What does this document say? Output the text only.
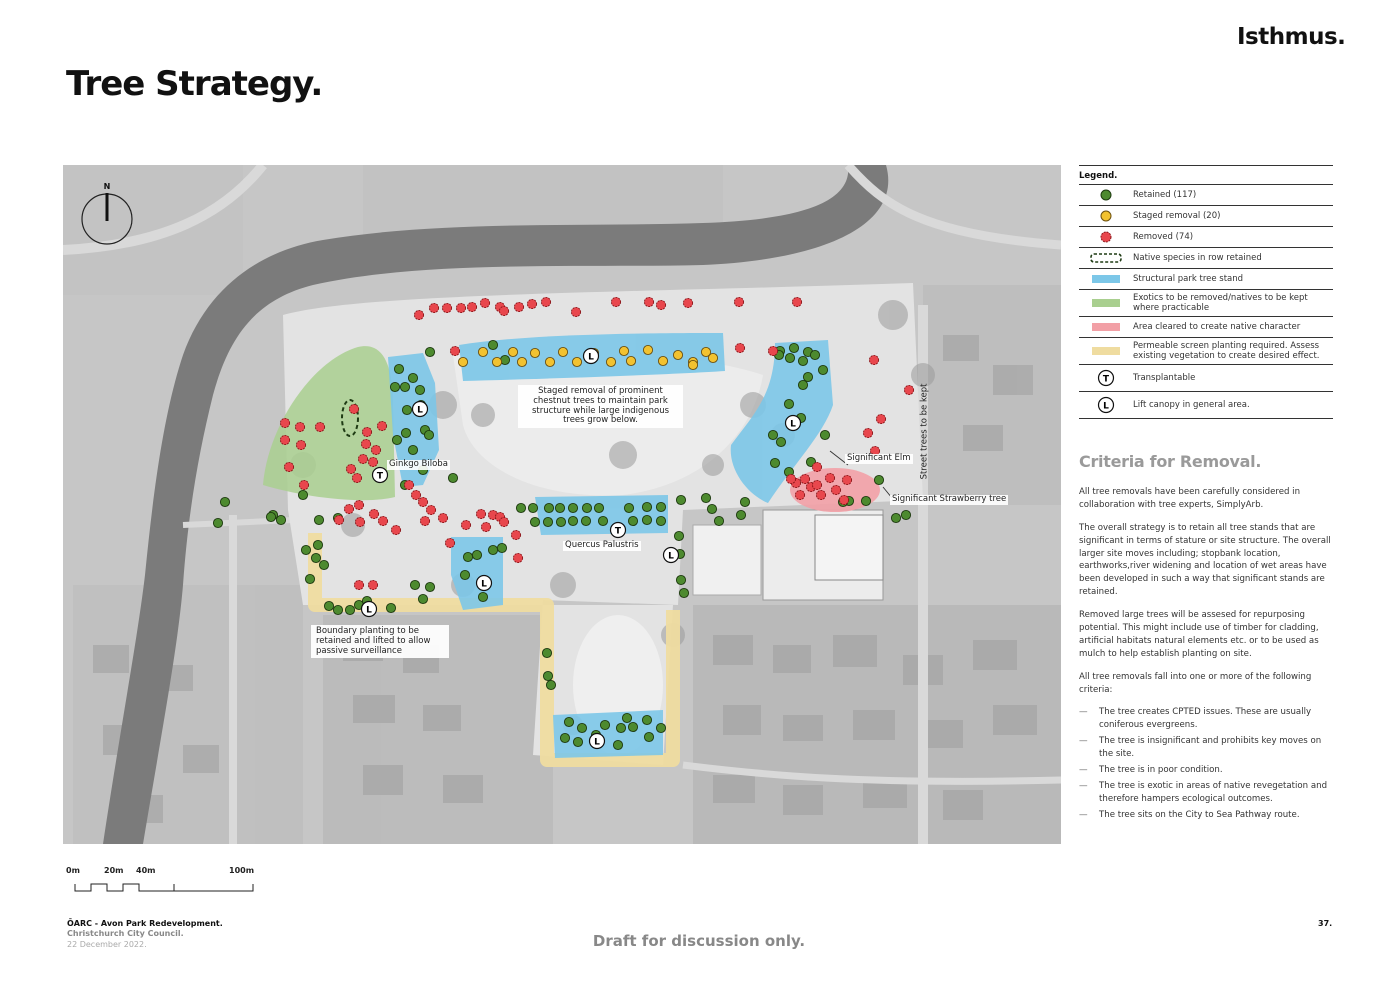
Isthmus.
Tree Strategy.
L
L
T
L
T
L
L
L
L
N
Staged removal of prominent chestnut trees to maintain park structure while large indigenous trees grow below.
Ginkgo Biloba
Quercus Palustris
Significant Elm
Significant Strawberry tree
Street trees to be kept
Boundary planting to be retained and lifted to allow passive surveillance
Legend.
Retained (117)
Staged removal (20)
Removed (74)
Native species in row retained
Structural park tree stand
Exotics to be removed/natives to be kept where practicable
Area cleared to create native character
Permeable screen planting required. Assess existing vegetation to create desired effect.
T	Transplantable
L	Lift canopy in general area.
Criteria for Removal.

All tree removals have been carefully considered in collaboration with tree experts, SimplyArb.

The overall strategy is to retain all tree stands that are significant in terms of stature or site structure. The overall larger site moves including; stopbank location, earthworks,river widening and location of wet areas have been developed in such a way that significant stands are retained.

Removed large trees will be assesed for repurposing potential. This might include use of timber for cladding, artificial habitats natural elements etc. or to be used as mulch to help establish planting on site.

All tree removals fall into one or more of the following criteria:

— The tree creates CPTED issues. These are usually coniferous evergreens.
— The tree is insignificant and prohibits key moves on the site.
— The tree is in poor condition.
— The tree is exotic in areas of native revegetation and therefore hampers ecological outcomes.
— The tree sits on the City to Sea Pathway route.
0m	20m 40m	100m
ŌARC - Avon Park Redevelopment.
Christchurch City Council.
22 December 2022.	Draft for discussion only.
37.
